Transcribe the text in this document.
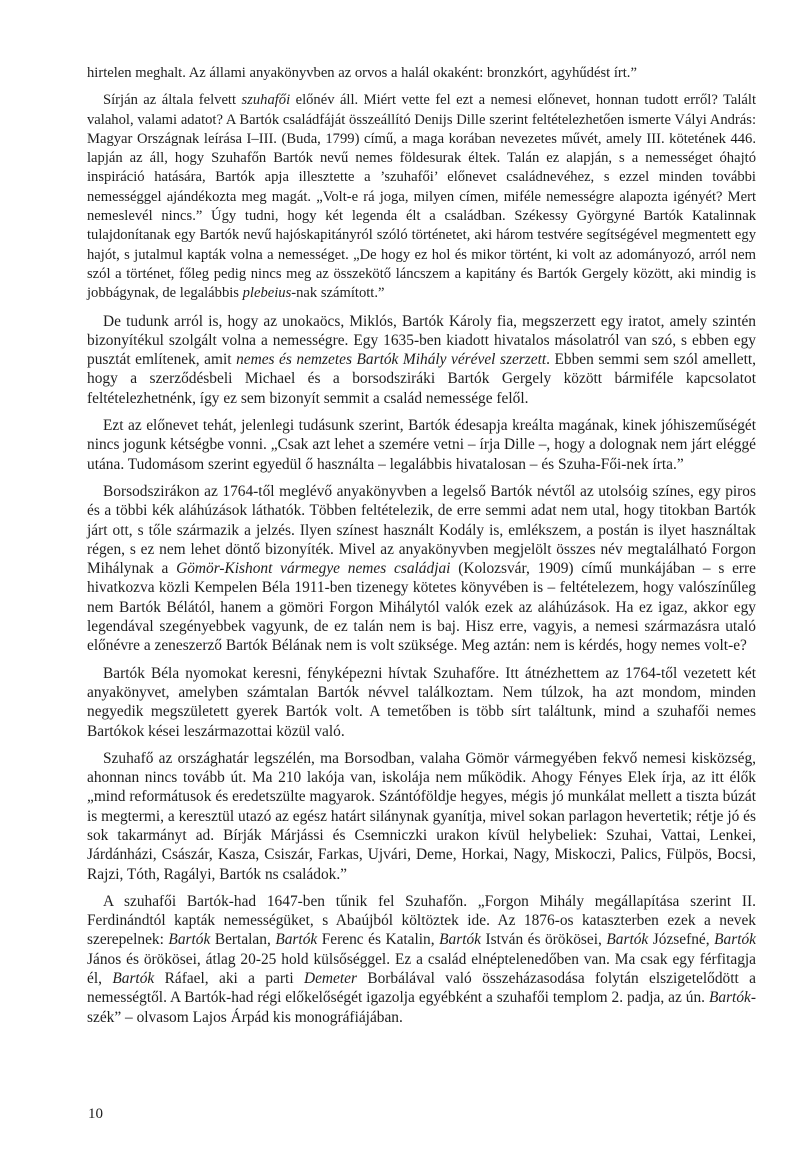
hirtelen meghalt. Az állami anyakönyvben az orvos a halál okaként: bronzkórt, agyhűdést írt.”

Sírján az általa felvett szuhafői előnév áll. Miért vette fel ezt a nemesi előnevet, honnan tudott erről? Talált valahol, valami adatot? A Bartók családfáját összeállító Denijs Dille szerint feltételezhetően ismerte Vályi András: Magyar Országnak leírása I–III. (Buda, 1799) című, a maga korában nevezetes művét, amely III. kötetének 446. lapján az áll, hogy Szuhafőn Bartók nevű nemes földesurak éltek. Talán ez alapján, s a nemességet óhajtó inspiráció hatására, Bartók apja illesztette a ’szuhafői’ előnevet családnevéhez, s ezzel minden további nemességgel ajándékozta meg magát. „Volt-e rá joga, milyen címen, miféle nemességre alapozta igényét? Mert nemeslevél nincs.” Úgy tudni, hogy két legenda élt a családban. Székessy Györgyné Bartók Katalinnak tulajdonítanak egy Bartók nevű hajóskapitányról szóló történetet, aki három testvére segítségével megmentett egy hajót, s jutalmul kapták volna a nemességet. „De hogy ez hol és mikor történt, ki volt az adományozó, arról nem szól a történet, főleg pedig nincs meg az összekötő láncszem a kapitány és Bartók Gergely között, aki mindig is jobbágynak, de legalábbis plebeius-nak számított.”

De tudunk arról is, hogy az unokaöcs, Miklós, Bartók Károly fia, megszerzett egy iratot, amely szintén bizonyítékul szolgált volna a nemességre. Egy 1635-ben kiadott hivatalos másolatról van szó, s ebben egy pusztát említenek, amit nemes és nemzetes Bartók Mihály vérével szerzett. Ebben semmi sem szól amellett, hogy a szerződésbeli Michael és a borsodsziráki Bartók Gergely között bármiféle kapcsolatot feltételezhetnénk, így ez sem bizonyít semmit a család nemessége felől.

Ezt az előnevet tehát, jelenlegi tudásunk szerint, Bartók édesapja kreálta magának, kinek jóhiszeműségét nincs jogunk kétségbe vonni. „Csak azt lehet a szemére vetni – írja Dille –, hogy a dolognak nem járt eléggé utána. Tudomásom szerint egyedül ő használta – legalábbis hivatalosan – és Szuha-Fői-nek írta.”

Borsodszirákon az 1764-től meglévő anyakönyvben a legelső Bartók névtől az utolsóig színes, egy piros és a többi kék aláhúzások láthatók. Többen feltételezik, de erre semmi adat nem utal, hogy titokban Bartók járt ott, s tőle származik a jelzés. Ilyen színest használt Kodály is, emlékszem, a postán is ilyet használtak régen, s ez nem lehet döntő bizonyíték. Mivel az anyakönyvben megjelölt összes név megtalálható Forgon Mihálynak a Gömör-Kishont vármegye nemes családjai (Kolozsvár, 1909) című munkájában – s erre hivatkozva közli Kempelen Béla 1911-ben tizenegy kötetes könyvében is – feltételezem, hogy valószínűleg nem Bartók Bélától, hanem a gömöri Forgon Mihálytól valók ezek az aláhúzások. Ha ez igaz, akkor egy legendával szegényebbek vagyunk, de ez talán nem is baj. Hisz erre, vagyis, a nemesi származásra utaló előnévre a zeneszerző Bartók Bélának nem is volt szüksége. Meg aztán: nem is kérdés, hogy nemes volt-e?

Bartók Béla nyomokat keresni, fényképezni hívtak Szuhafőre. Itt átnézhettem az 1764-től vezetett két anyakönyvet, amelyben számtalan Bartók névvel találkoztam. Nem túlzok, ha azt mondom, minden negyedik megszületett gyerek Bartók volt. A temetőben is több sírt találtunk, mind a szuhafői nemes Bartókok kései leszármazottai közül való.

Szuhafő az országhatár legszélén, ma Borsodban, valaha Gömör vármegyében fekvő nemesi kisközség, ahonnan nincs tovább út. Ma 210 lakója van, iskolája nem működik. Ahogy Fényes Elek írja, az itt élők „mind reformátusok és eredetszülte magyarok. Szántóföldje hegyes, mégis jó munkálat mellett a tiszta búzát is megtermi, a keresztül utazó az egész határt silánynak gyanítja, mivel sokan parlagon hevertetik; rétje jó és sok takarmányt ad. Bírják Márjássi és Csemniczki urakon kívül helybeliek: Szuhai, Vattai, Lenkei, Járdánházi, Császár, Kasza, Csiszár, Farkas, Ujvári, Deme, Horkai, Nagy, Miskoczi, Palics, Fülpös, Bocsi, Rajzi, Tóth, Ragályi, Bartók ns családok.”

A szuhafői Bartók-had 1647-ben tűnik fel Szuhafőn. „Forgon Mihály megállapítása szerint II. Ferdinándtól kapták nemességüket, s Abaújból költöztek ide. Az 1876-os kataszterben ezek a nevek szerepelnek: Bartók Bertalan, Bartók Ferenc és Katalin, Bartók István és örökösei, Bartók Józsefné, Bartók János és örökösei, átlag 20-25 hold külsőséggel. Ez a család elnéptelenedőben van. Ma csak egy férfitagja él, Bartók Ráfael, aki a parti Demeter Borbálával való összeházasodása folytán elszigetelődött a nemességtől. A Bartók-had régi előkelőségét igazolja egyébként a szuhafői templom 2. padja, az ún. Bartók-szék” – olvasom Lajos Árpád kis monográfiájában.

10
